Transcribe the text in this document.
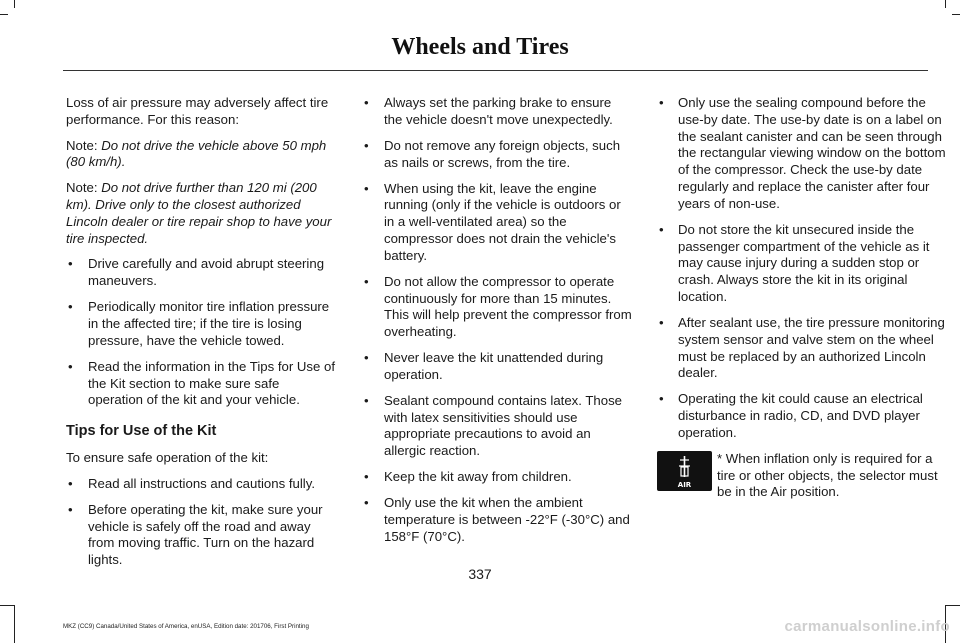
Wheels and Tires

Loss of air pressure may adversely affect tire performance. For this reason:

Note: Do not drive the vehicle above 50 mph (80 km/h).

Note: Do not drive further than 120 mi (200 km). Drive only to the closest authorized Lincoln dealer or tire repair shop to have your tire inspected.

• Drive carefully and avoid abrupt steering maneuvers.
• Periodically monitor tire inflation pressure in the affected tire; if the tire is losing pressure, have the vehicle towed.
• Read the information in the Tips for Use of the Kit section to make sure safe operation of the kit and your vehicle.
Tips for Use of the Kit

To ensure safe operation of the kit:

• Read all instructions and cautions fully.
• Before operating the kit, make sure your vehicle is safely off the road and away from moving traffic. Turn on the hazard lights.
• Always set the parking brake to ensure the vehicle doesn't move unexpectedly.
• Do not remove any foreign objects, such as nails or screws, from the tire.
• When using the kit, leave the engine running (only if the vehicle is outdoors or in a well-ventilated area) so the compressor does not drain the vehicle's battery.
• Do not allow the compressor to operate continuously for more than 15 minutes. This will help prevent the compressor from overheating.
• Never leave the kit unattended during operation.
• Sealant compound contains latex. Those with latex sensitivities should use appropriate precautions to avoid an allergic reaction.
• Keep the kit away from children.
• Only use the kit when the ambient temperature is between -22°F (-30°C) and 158°F (70°C).
• Only use the sealing compound before the use-by date. The use-by date is on a label on the sealant canister and can be seen through the rectangular viewing window on the bottom of the compressor. Check the use-by date regularly and replace the canister after four years of non-use.
• Do not store the kit unsecured inside the passenger compartment of the vehicle as it may cause injury during a sudden stop or crash. Always store the kit in its original location.
• After sealant use, the tire pressure monitoring system sensor and valve stem on the wheel must be replaced by an authorized Lincoln dealer.
• Operating the kit could cause an electrical disturbance in radio, CD, and DVD player operation.
AIR

* When inflation only is required for a tire or other objects, the selector must be in the Air position.

337
MKZ (CC9) Canada/United States of America, enUSA, Edition date: 201706, First Printing	carmanualsonline.info
